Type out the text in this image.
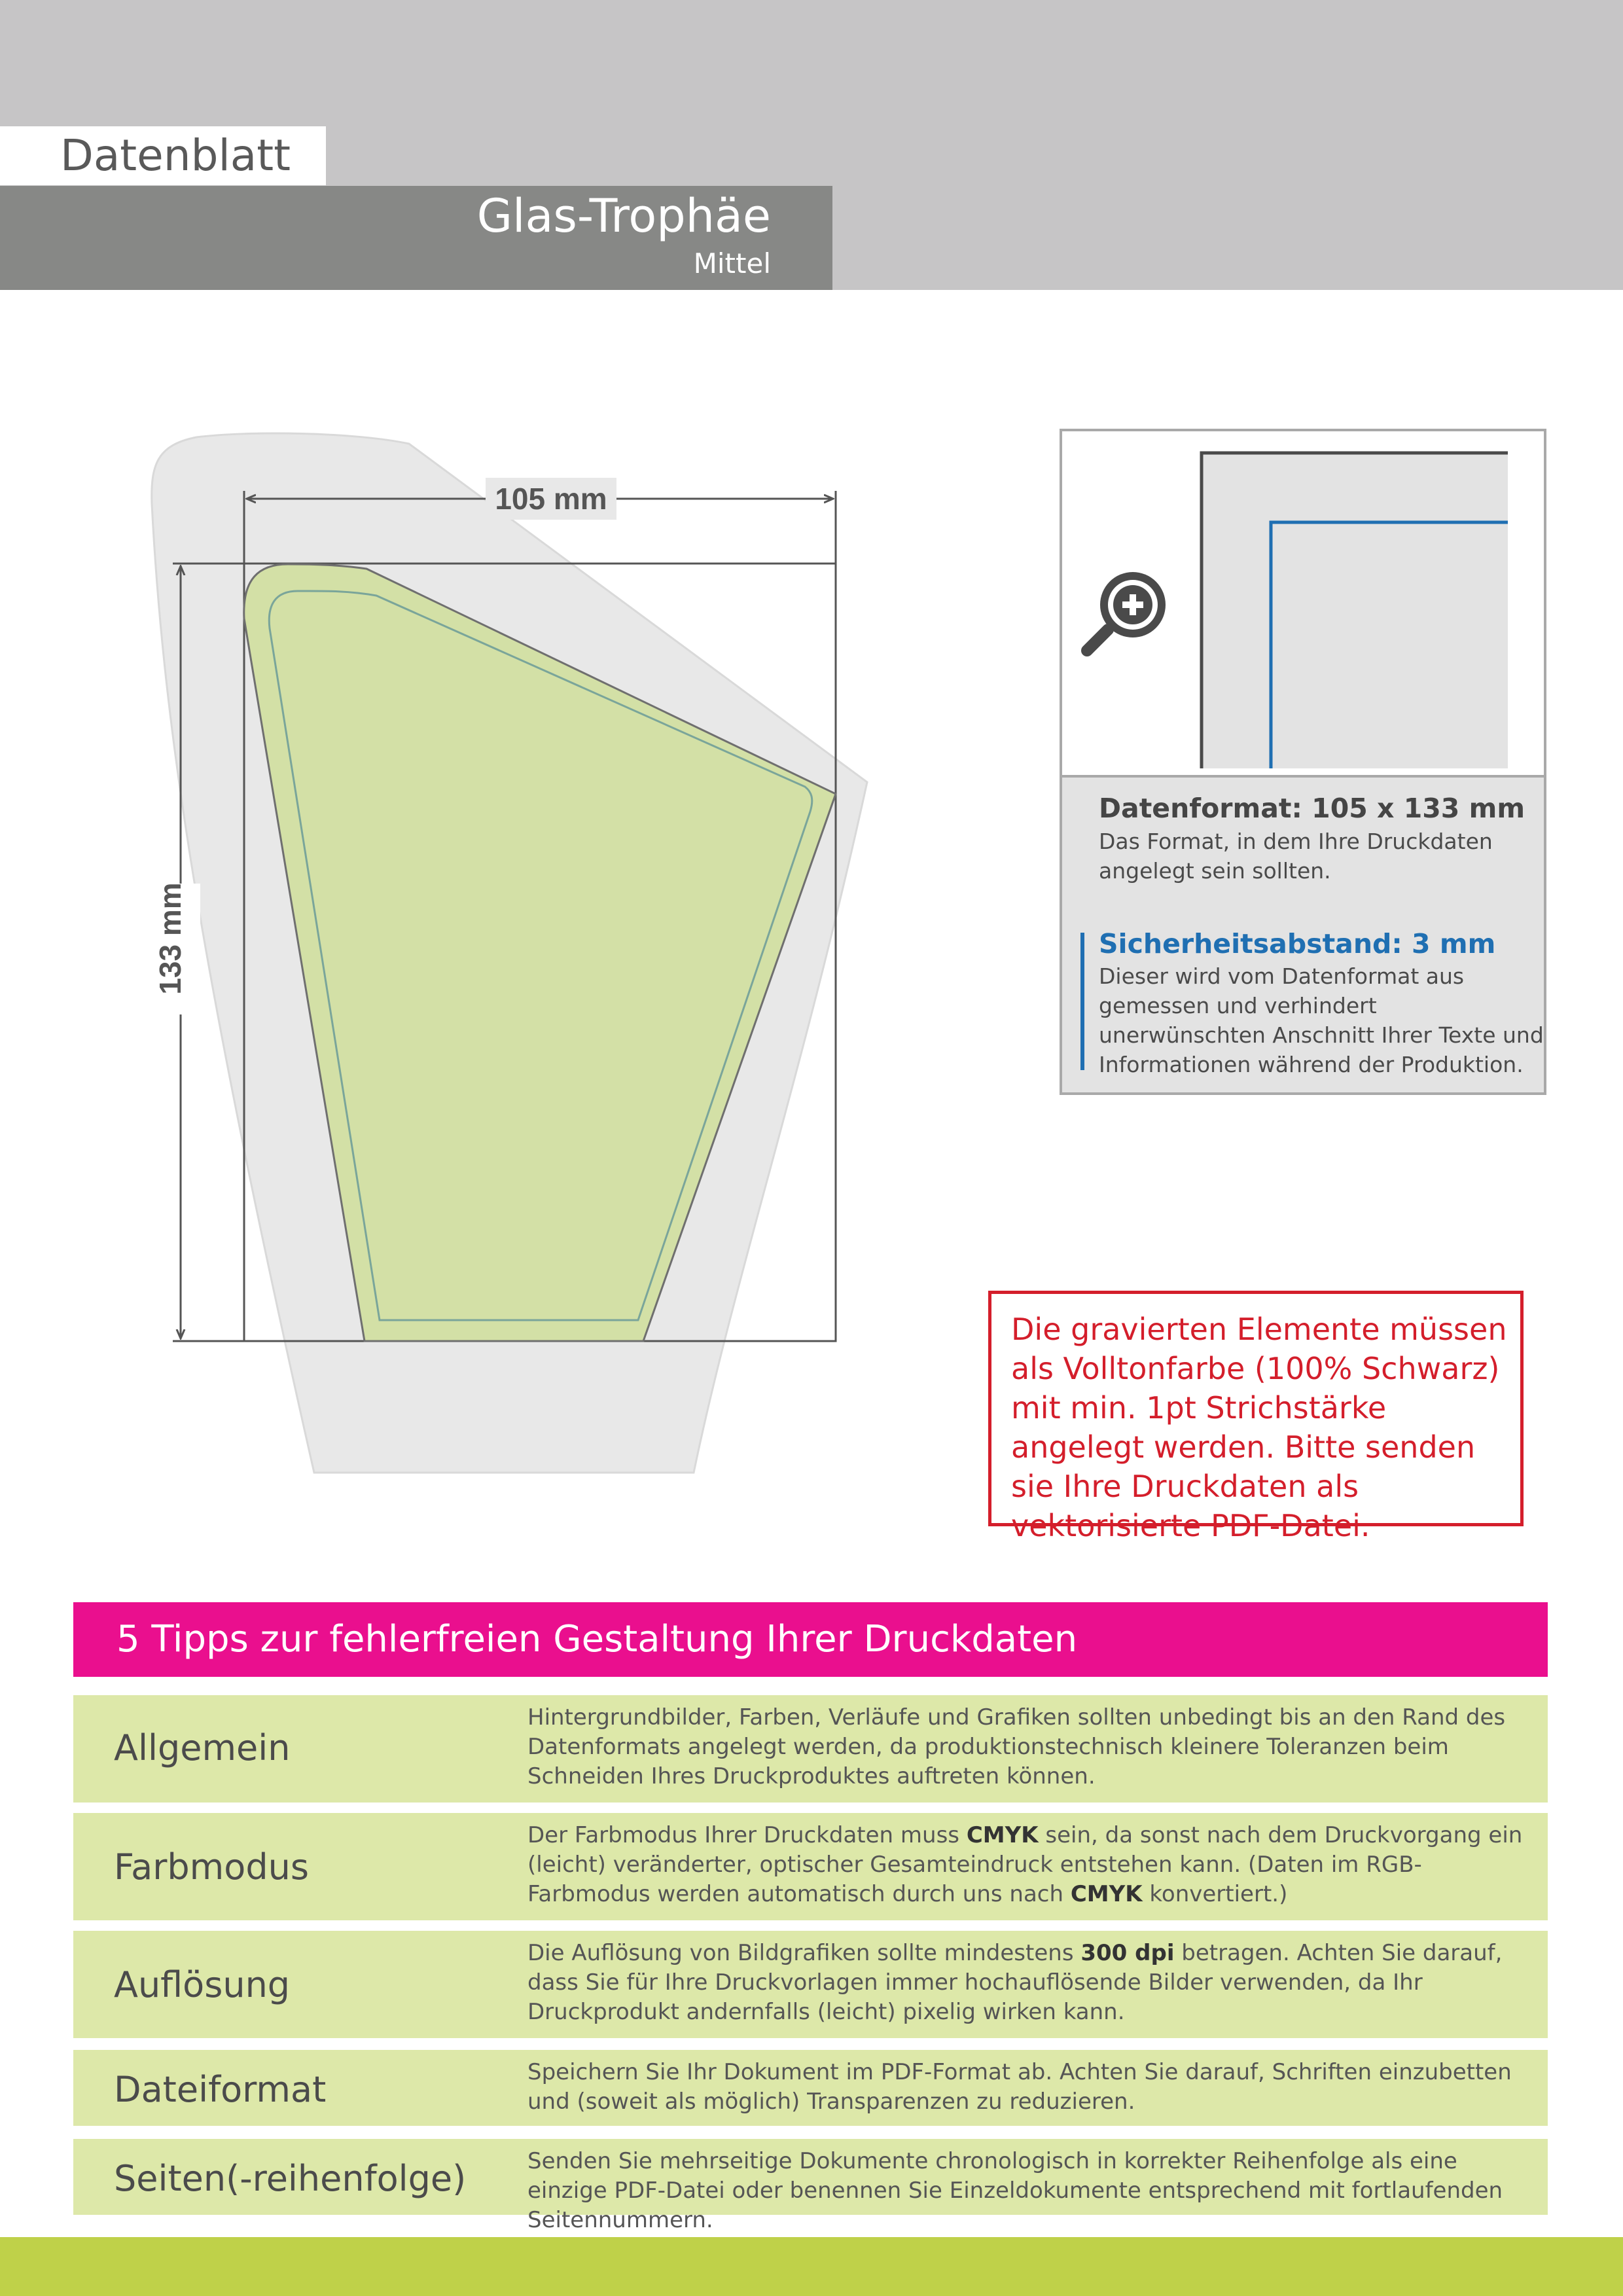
Datenblatt
Glas-Trophäe
Mittel
105 mm
133 mm
Datenformat: 105 x 133 mm
Das Format, in dem Ihre Druckdaten angelegt sein sollten.
Sicherheitsabstand: 3 mm
Dieser wird vom Datenformat aus gemessen und verhindert unerwünschten Anschnitt Ihrer Texte und Informationen während der Produktion.
Die gravierten Elemente müssen als Volltonfarbe (100% Schwarz) mit min. 1pt Strichstärke angelegt werden. Bitte senden sie Ihre Druckdaten als vektorisierte PDF-Datei.
5 Tipps zur fehlerfreien Gestaltung Ihrer Druckdaten
Allgemein
Hintergrundbilder, Farben, Verläufe und Grafiken sollten unbedingt bis an den Rand des Datenformats angelegt werden, da produktionstechnisch kleinere Toleranzen beim Schneiden Ihres Druckproduktes auftreten können.
Farbmodus
Der Farbmodus Ihrer Druckdaten muss CMYK sein, da sonst nach dem Druckvorgang ein (leicht) veränderter, optischer Gesamteindruck entstehen kann. (Daten im RGB-Farbmodus werden automatisch durch uns nach CMYK konvertiert.)
Auflösung
Die Auflösung von Bildgrafiken sollte mindestens 300 dpi betragen. Achten Sie darauf, dass Sie für Ihre Druckvorlagen immer hochauflösende Bilder verwenden, da Ihr Druckprodukt andernfalls (leicht) pixelig wirken kann.
Dateiformat	Speichern Sie Ihr Dokument im PDF-Format ab. Achten Sie darauf, Schriften einzubetten und (soweit als möglich) Transparenzen zu reduzieren.
Seiten(-reihenfolge)	Senden Sie mehrseitige Dokumente chronologisch in korrekter Reihenfolge als eine einzige PDF-Datei oder benennen Sie Einzeldokumente entsprechend mit fortlaufenden Seitennummern.
